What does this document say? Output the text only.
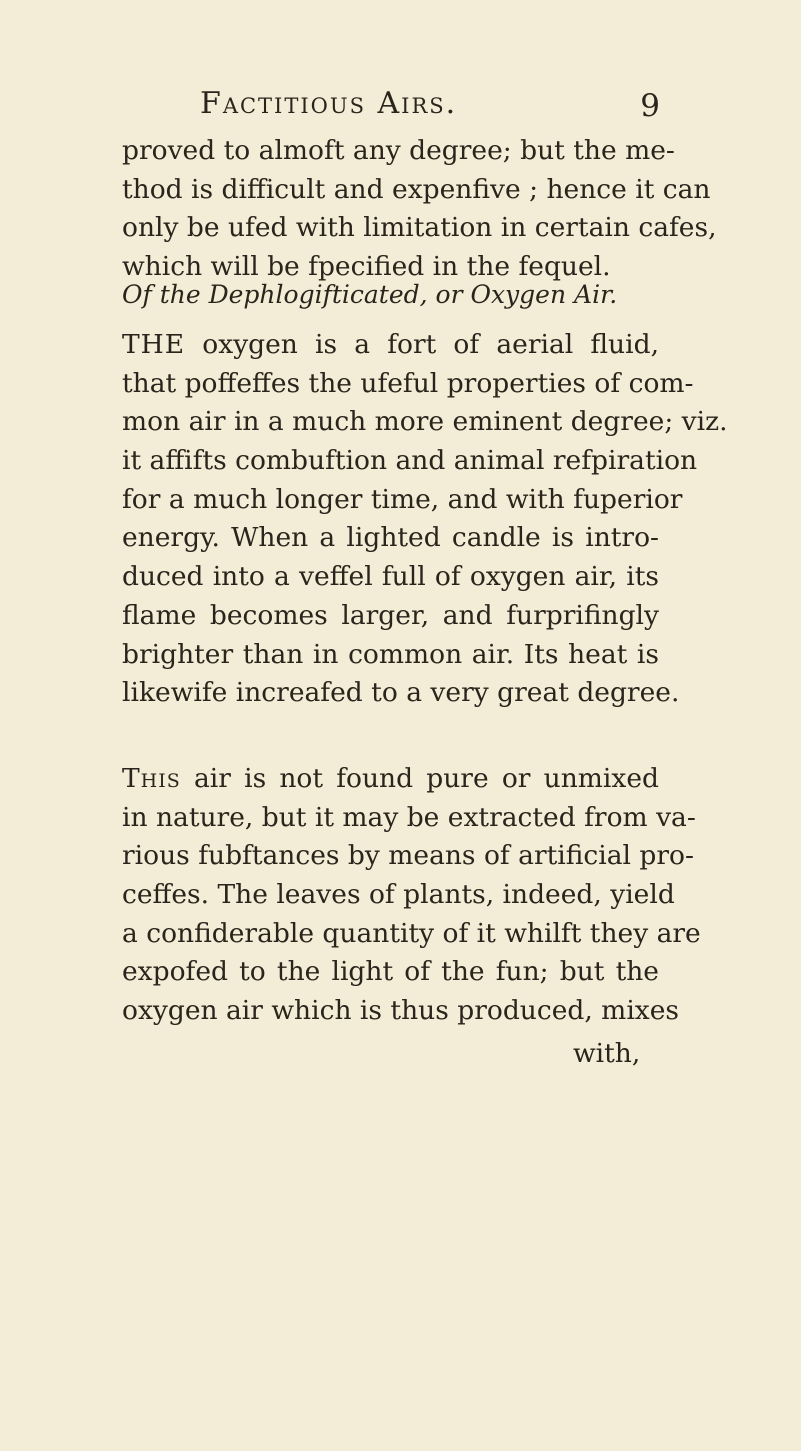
Factitious Airs.	9
proved to almoft any degree; but the me-
thod is difficult and expenfive ; hence it can
only be ufed with limitation in certain cafes,
which will be fpecified in the fequel.
Of the Dephlogifticated, or Oxygen Air.
THE oxygen is a fort of aerial fluid,
that poffeffes the ufeful properties of com-
mon air in a much more eminent degree; viz.
it affifts combuftion and animal refpiration
for a much longer time, and with fuperior
energy. When a lighted candle is intro-
duced into a veffel full of oxygen air, its
flame becomes larger, and furprifingly
brighter than in common air. Its heat is
likewife increafed to a very great degree.
This air is not found pure or unmixed
in nature, but it may be extracted from va-
rious fubftances by means of artificial pro-
ceffes. The leaves of plants, indeed, yield
a confiderable quantity of it whilft they are
expofed to the light of the fun; but the
oxygen air which is thus produced, mixes
with,
